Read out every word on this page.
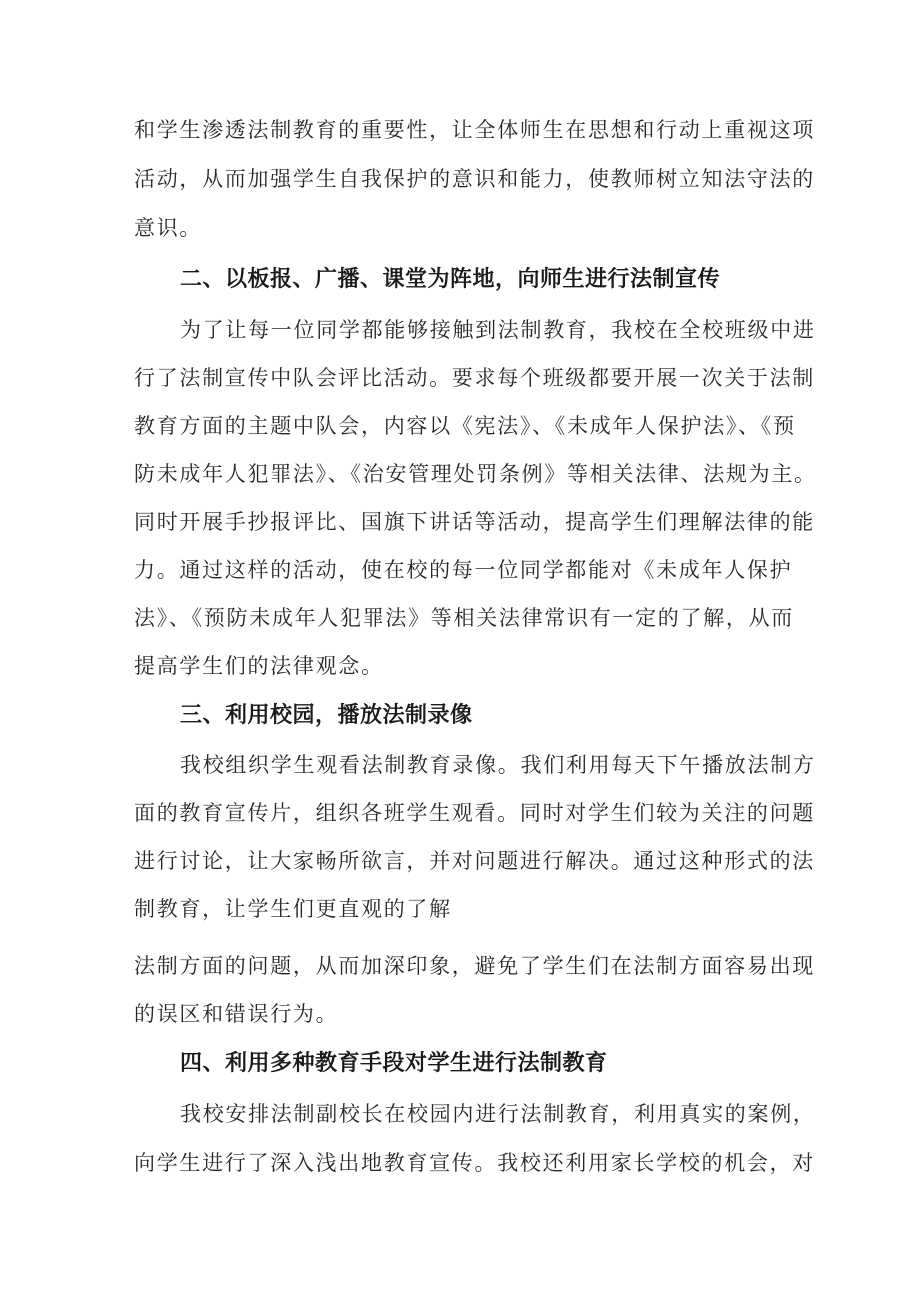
和学生渗透法制教育的重要性，让全体师生在思想和行动上重视这项
活动，从而加强学生自我保护的意识和能力，使教师树立知法守法的
意识。
二、以板报、广播、课堂为阵地，向师生进行法制宣传
为了让每一位同学都能够接触到法制教育，我校在全校班级中进
行了法制宣传中队会评比活动。要求每个班级都要开展一次关于法制
教育方面的主题中队会，内容以《宪法》、《未成年人保护法》、《预
防未成年人犯罪法》、《治安管理处罚条例》等相关法律、法规为主。
同时开展手抄报评比、国旗下讲话等活动，提高学生们理解法律的能
力。通过这样的活动，使在校的每一位同学都能对《未成年人保护
法》、《预防未成年人犯罪法》等相关法律常识有一定的了解，从而
提高学生们的法律观念。
三、利用校园，播放法制录像
我校组织学生观看法制教育录像。我们利用每天下午播放法制方
面的教育宣传片，组织各班学生观看。同时对学生们较为关注的问题
进行讨论，让大家畅所欲言，并对问题进行解决。通过这种形式的法
制教育，让学生们更直观的了解
法制方面的问题，从而加深印象，避免了学生们在法制方面容易出现
的误区和错误行为。
四、利用多种教育手段对学生进行法制教育
我校安排法制副校长在校园内进行法制教育，利用真实的案例，
向学生进行了深入浅出地教育宣传。我校还利用家长学校的机会，对
